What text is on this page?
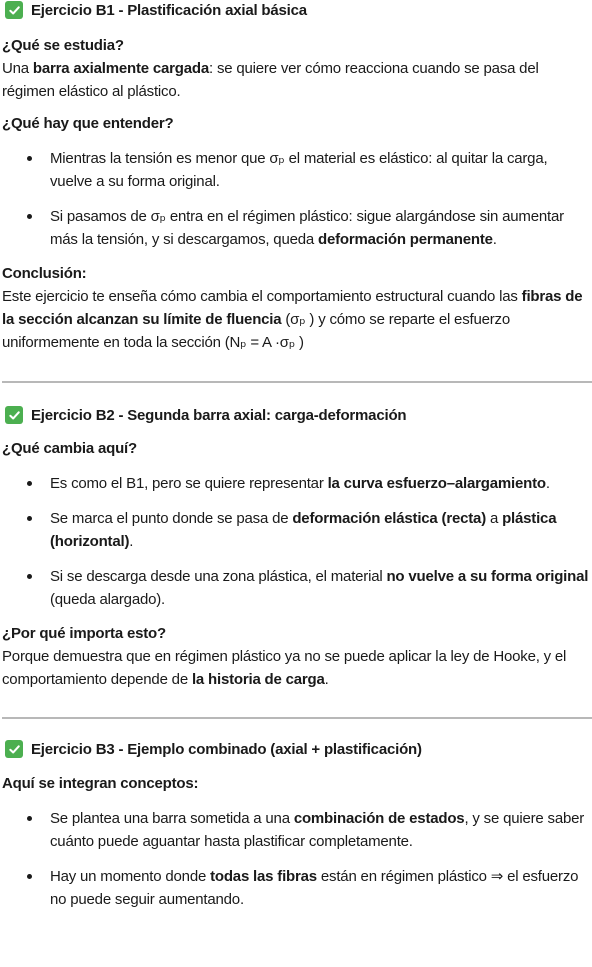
Ejercicio B1 - Plastificación axial básica

¿Qué se estudia?

Una barra axialmente cargada: se quiere ver cómo reacciona cuando se pasa del régimen elástico al plástico.

¿Qué hay que entender?

Mientras la tensión es menor que σₚ el material es elástico: al quitar la carga, vuelve a su forma original.
Si pasamos de σₚ entra en el régimen plástico: sigue alargándose sin aumentar más la tensión, y si descargamos, queda deformación permanente.

Conclusión:

Este ejercicio te enseña cómo cambia el comportamiento estructural cuando las fibras de la sección alcanzan su límite de fluencia (σₚ ) y cómo se reparte el esfuerzo uniformemente en toda la sección (Nₚ = A ·σₚ )

Ejercicio B2 - Segunda barra axial: carga-deformación

¿Qué cambia aquí?

Es como el B1, pero se quiere representar la curva esfuerzo–alargamiento.
Se marca el punto donde se pasa de deformación elástica (recta) a plástica (horizontal).
Si se descarga desde una zona plástica, el material no vuelve a su forma original (queda alargado).

¿Por qué importa esto?

Porque demuestra que en régimen plástico ya no se puede aplicar la ley de Hooke, y el comportamiento depende de la historia de carga.

Ejercicio B3 - Ejemplo combinado (axial + plastificación)

Aquí se integran conceptos:

Se plantea una barra sometida a una combinación de estados, y se quiere saber cuánto puede aguantar hasta plastificar completamente.
Hay un momento donde todas las fibras están en régimen plástico ⇒ el esfuerzo no puede seguir aumentando.
